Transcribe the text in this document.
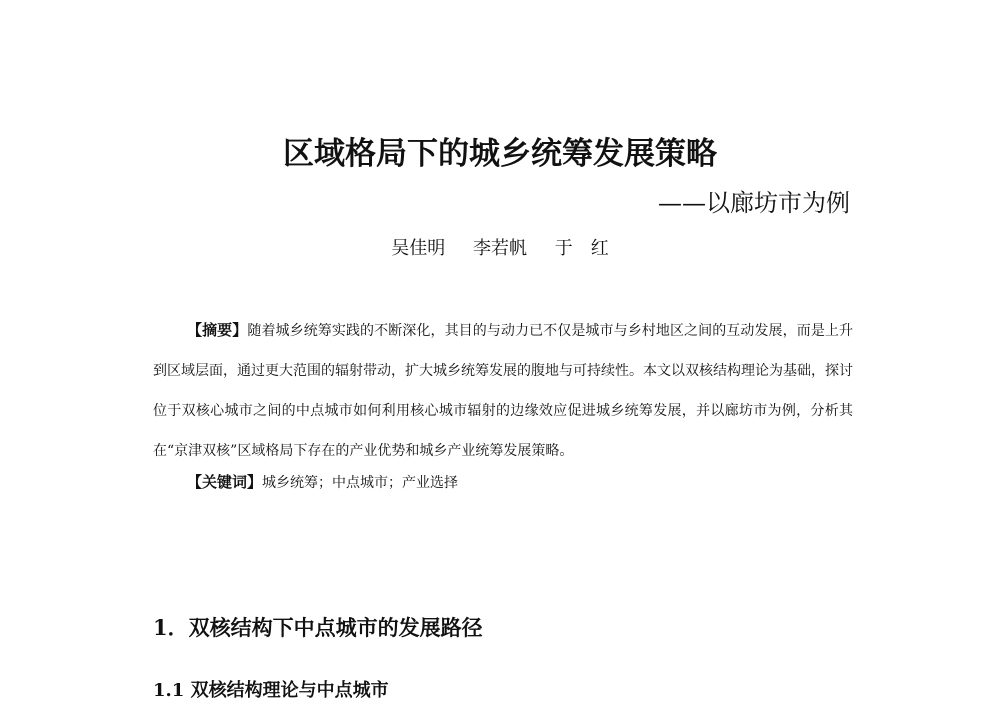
区域格局下的城乡统筹发展策略
——以廊坊市为例
吴佳明 李若帆 于　红
【摘要】随着城乡统筹实践的不断深化，其目的与动力已不仅是城市与乡村地区之间的互动发展，而是上升到区域层面，通过更大范围的辐射带动，扩大城乡统筹发展的腹地与可持续性。本文以双核结构理论为基础，探讨位于双核心城市之间的中点城市如何利用核心城市辐射的边缘效应促进城乡统筹发展，并以廊坊市为例，分析其在“京津双核”区域格局下存在的产业优势和城乡产业统筹发展策略。
【关键词】城乡统筹；中点城市；产业选择
1．双核结构下中点城市的发展路径
1.1 双核结构理论与中点城市
